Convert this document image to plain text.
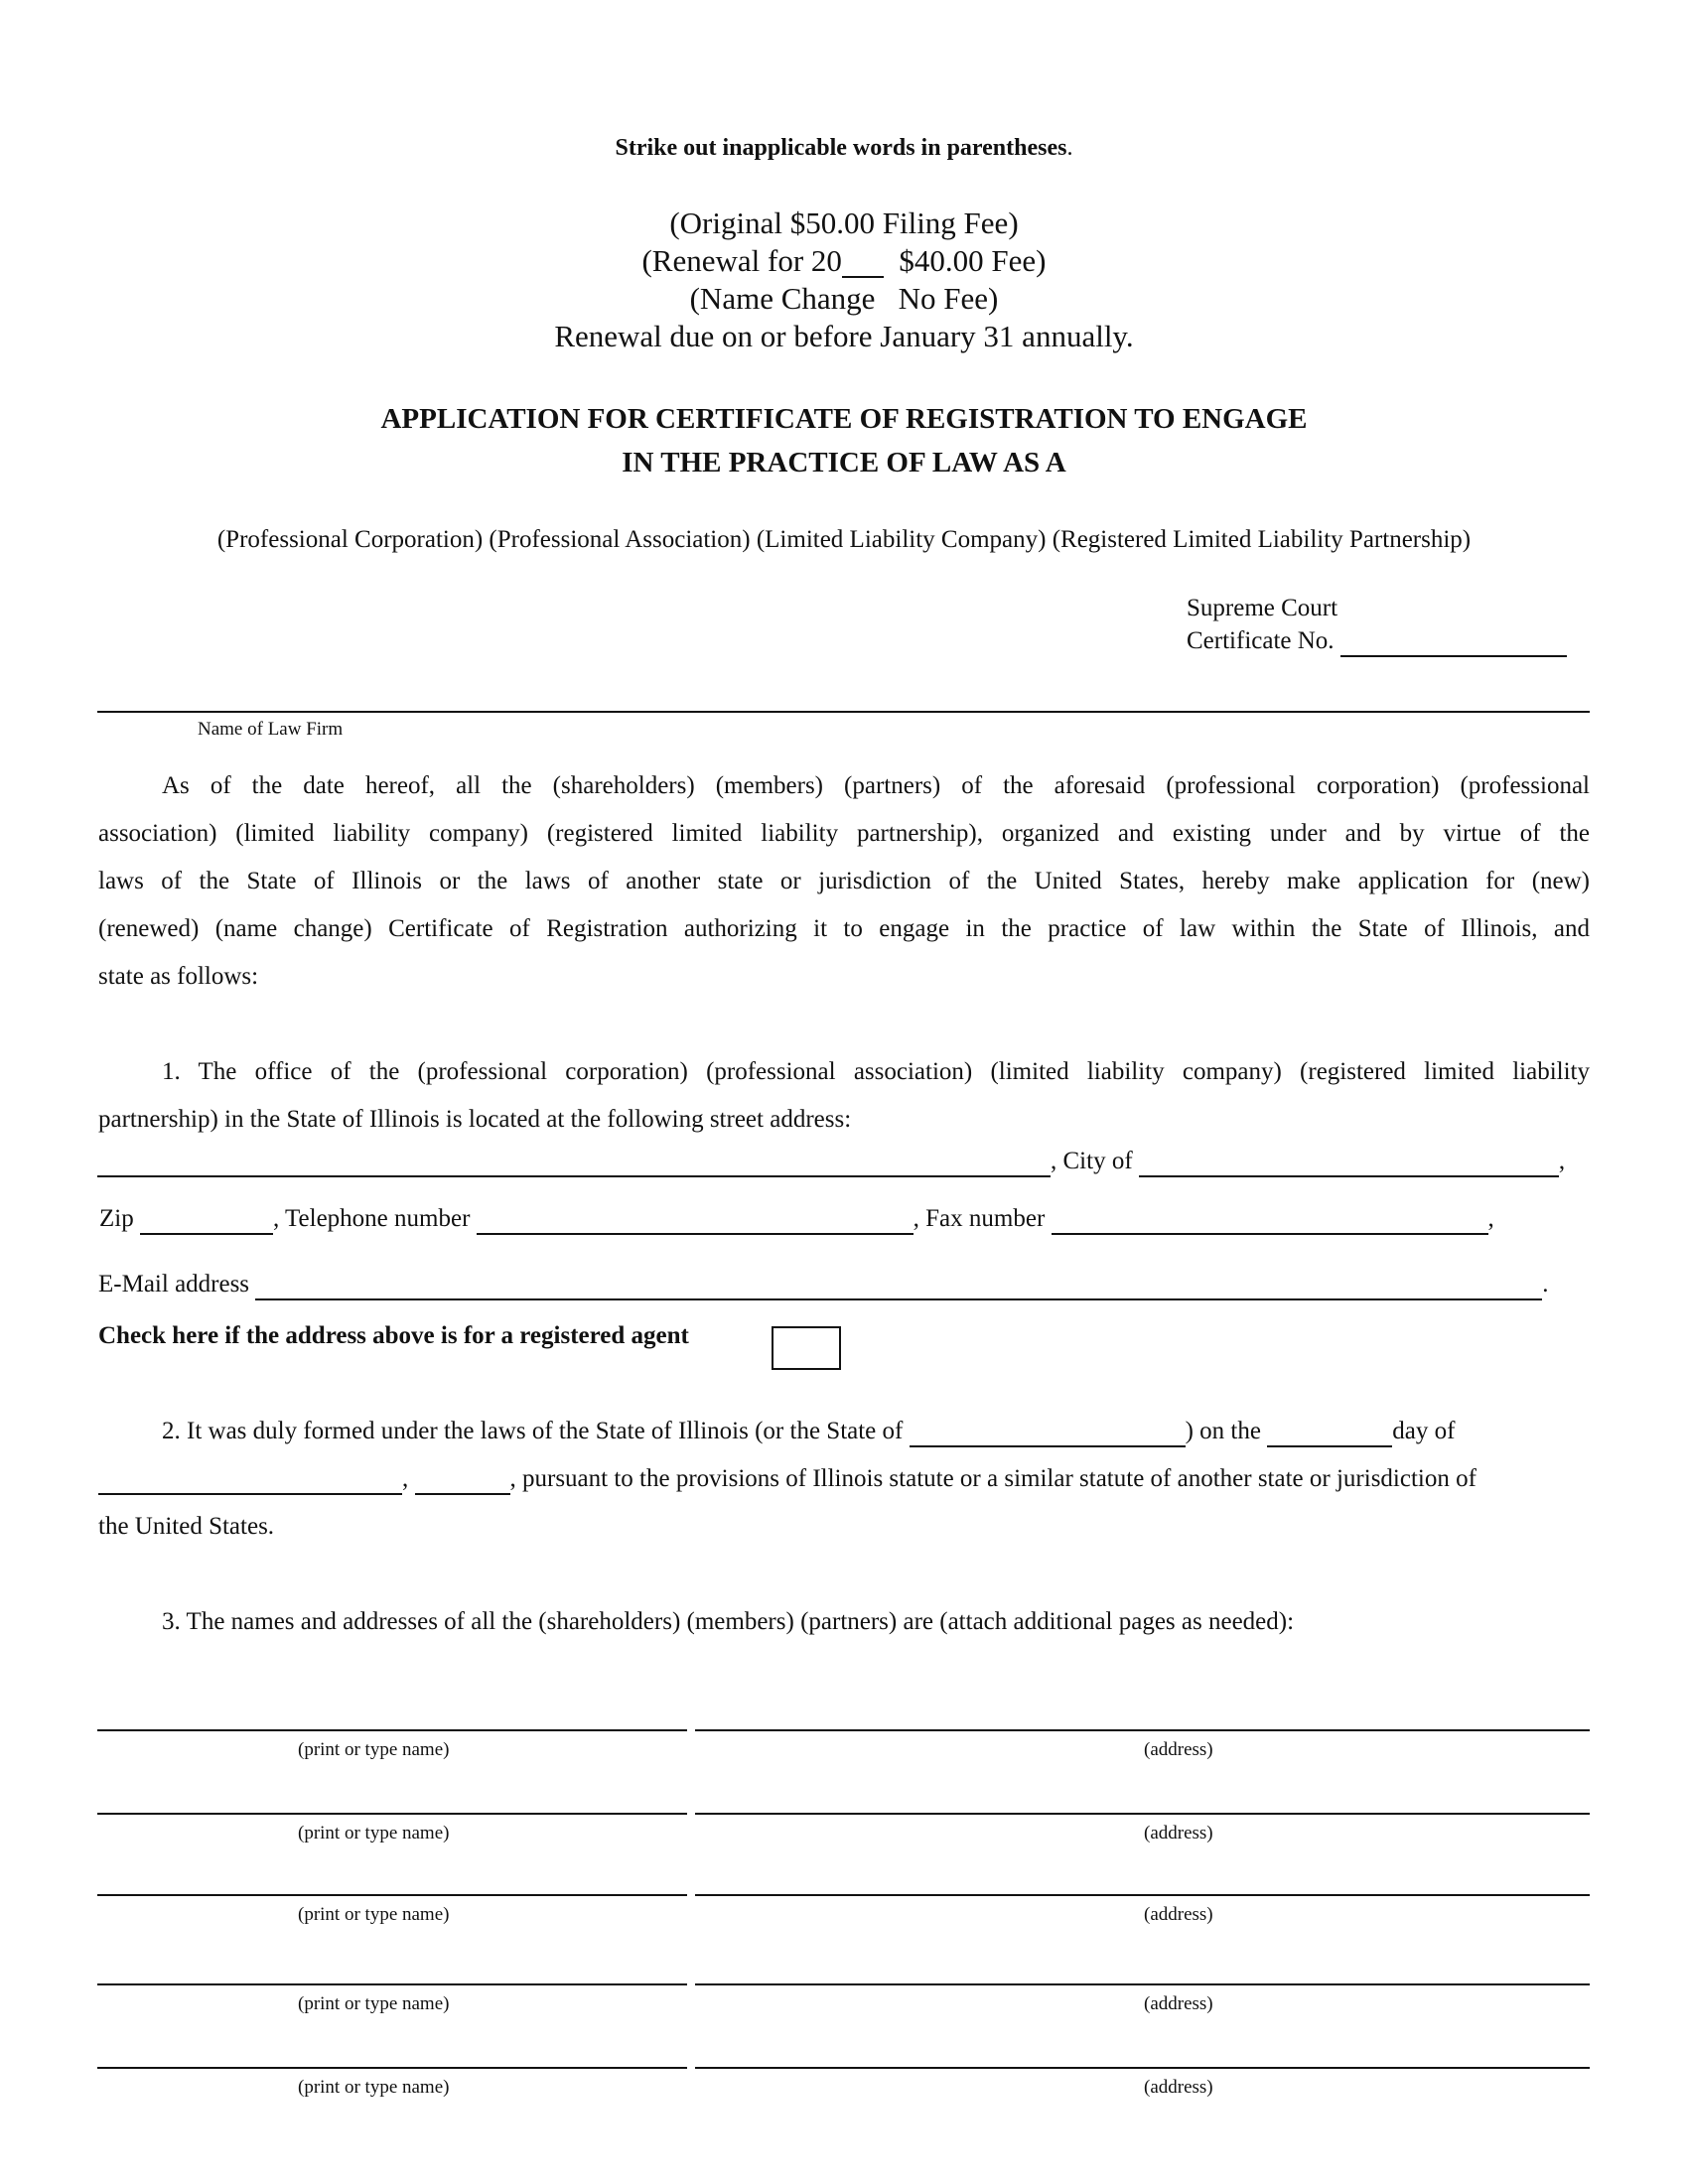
Strike out inapplicable words in parentheses.
(Original $50.00 Filing Fee)
(Renewal for 20 $40.00 Fee)
(Name Change   No Fee)
Renewal due on or before January 31 annually.
APPLICATION FOR CERTIFICATE OF REGISTRATION TO ENGAGE
IN THE PRACTICE OF LAW AS A
(Professional Corporation) (Professional Association) (Limited Liability Company) (Registered Limited Liability Partnership)
Supreme Court
Certificate No.
Name of Law Firm
As of the date hereof, all the (shareholders) (members) (partners) of the aforesaid (professional corporation) (professional
association) (limited liability company) (registered limited liability partnership), organized and existing under and by virtue of the
laws of the State of Illinois or the laws of another state or jurisdiction of the United States, hereby make application for (new)
(renewed) (name change) Certificate of Registration authorizing it to engage in the practice of law within the State of Illinois, and
state as follows:
1. The office of the (professional corporation) (professional association) (limited liability company) (registered limited liability
partnership) in the State of Illinois is located at the following street address:
, City of	,
Zip	, Telephone number	, Fax number	,
E-Mail address	.
Check here if the address above is for a registered agent
2. It was duly formed under the laws of the State of Illinois (or the State of	) on the	day of
,	, pursuant to the provisions of Illinois statute or a similar statute of another state or jurisdiction of
the United States.
3. The names and addresses of all the (shareholders) (members) (partners) are (attach additional pages as needed):
(print or type name)	(address)
(print or type name)	(address)
(print or type name)	(address)
(print or type name)	(address)
(print or type name)	(address)
